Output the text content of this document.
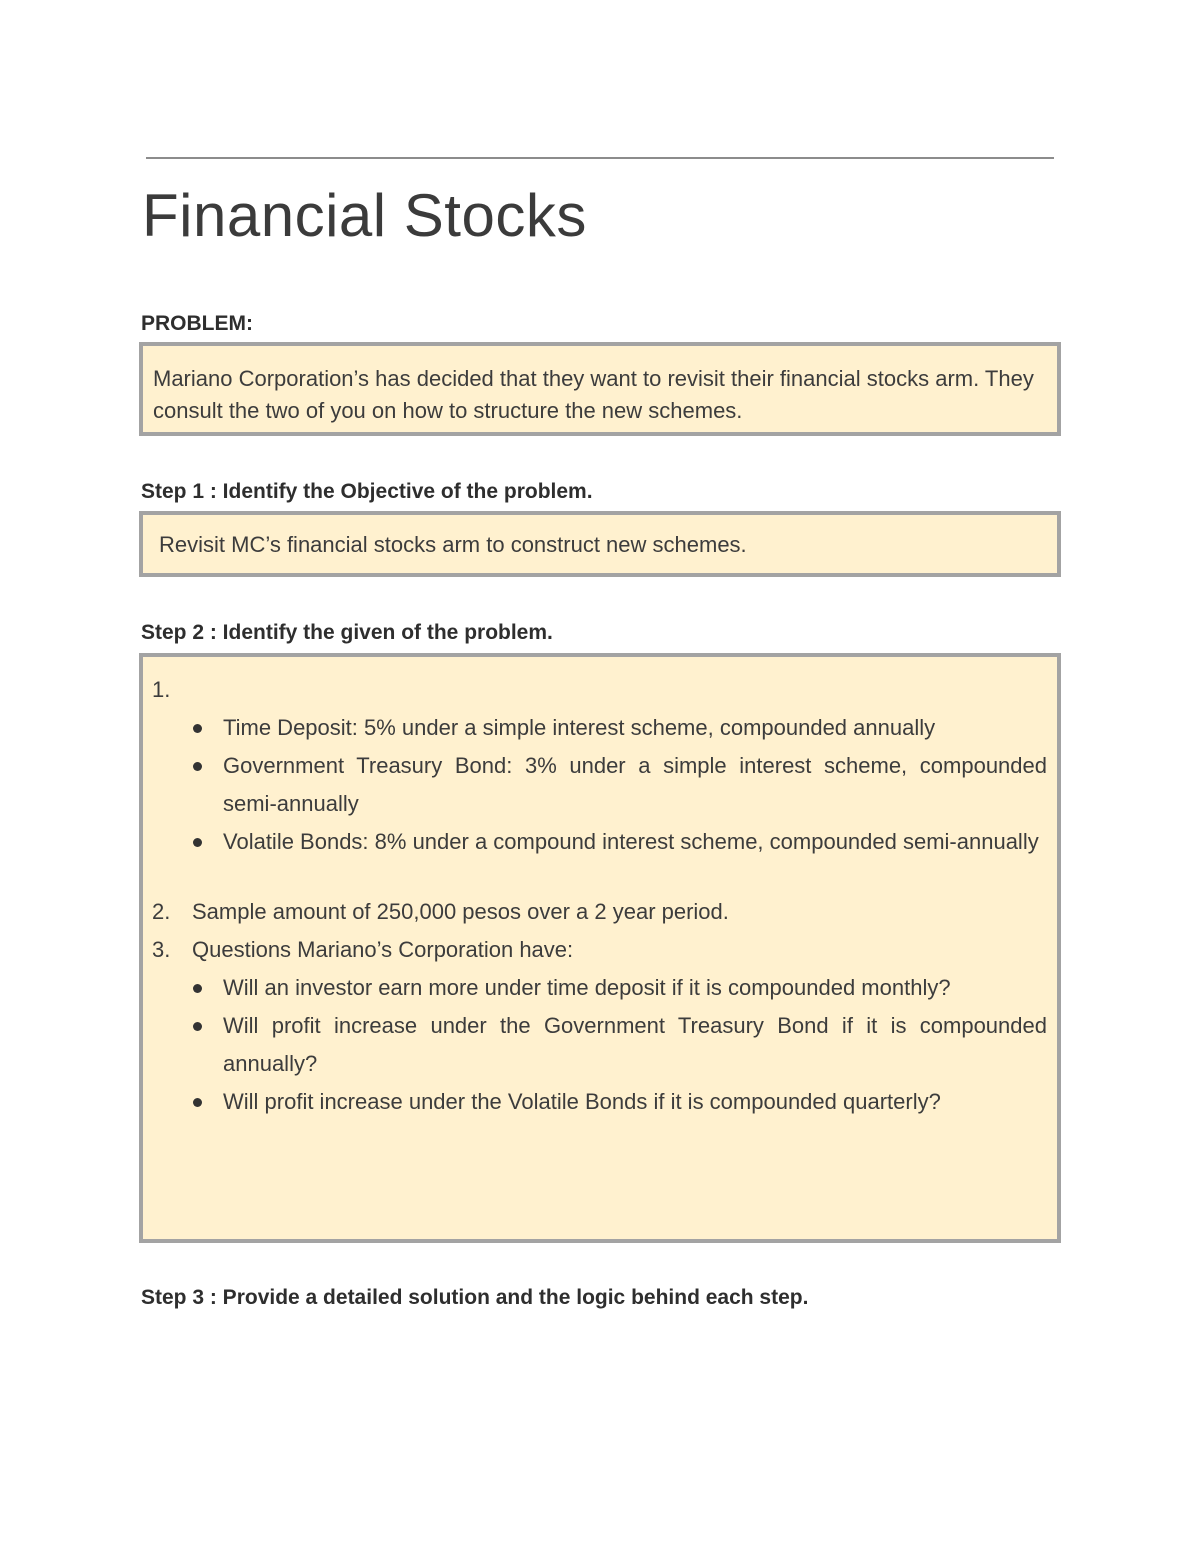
Financial Stocks

PROBLEM:

Mariano Corporation’s has decided that they want to revisit their financial stocks arm. They consult the two of you on how to structure the new schemes.

Step 1 : Identify the Objective of the problem.

Revisit MC’s financial stocks arm to construct new schemes.

Step 2 : Identify the given of the problem.

1.
Time Deposit: 5% under a simple interest scheme, compounded annually
Government Treasury Bond: 3% under a simple interest scheme, compounded semi-annually
Volatile Bonds: 8% under a compound interest scheme, compounded semi-annually
2. Sample amount of 250,000 pesos over a 2 year period.
3. Questions Mariano’s Corporation have:
Will an investor earn more under time deposit if it is compounded monthly?
Will profit increase under the Government Treasury Bond if it is compounded annually?
Will profit increase under the Volatile Bonds if it is compounded quarterly?

Step 3 : Provide a detailed solution and the logic behind each step.
